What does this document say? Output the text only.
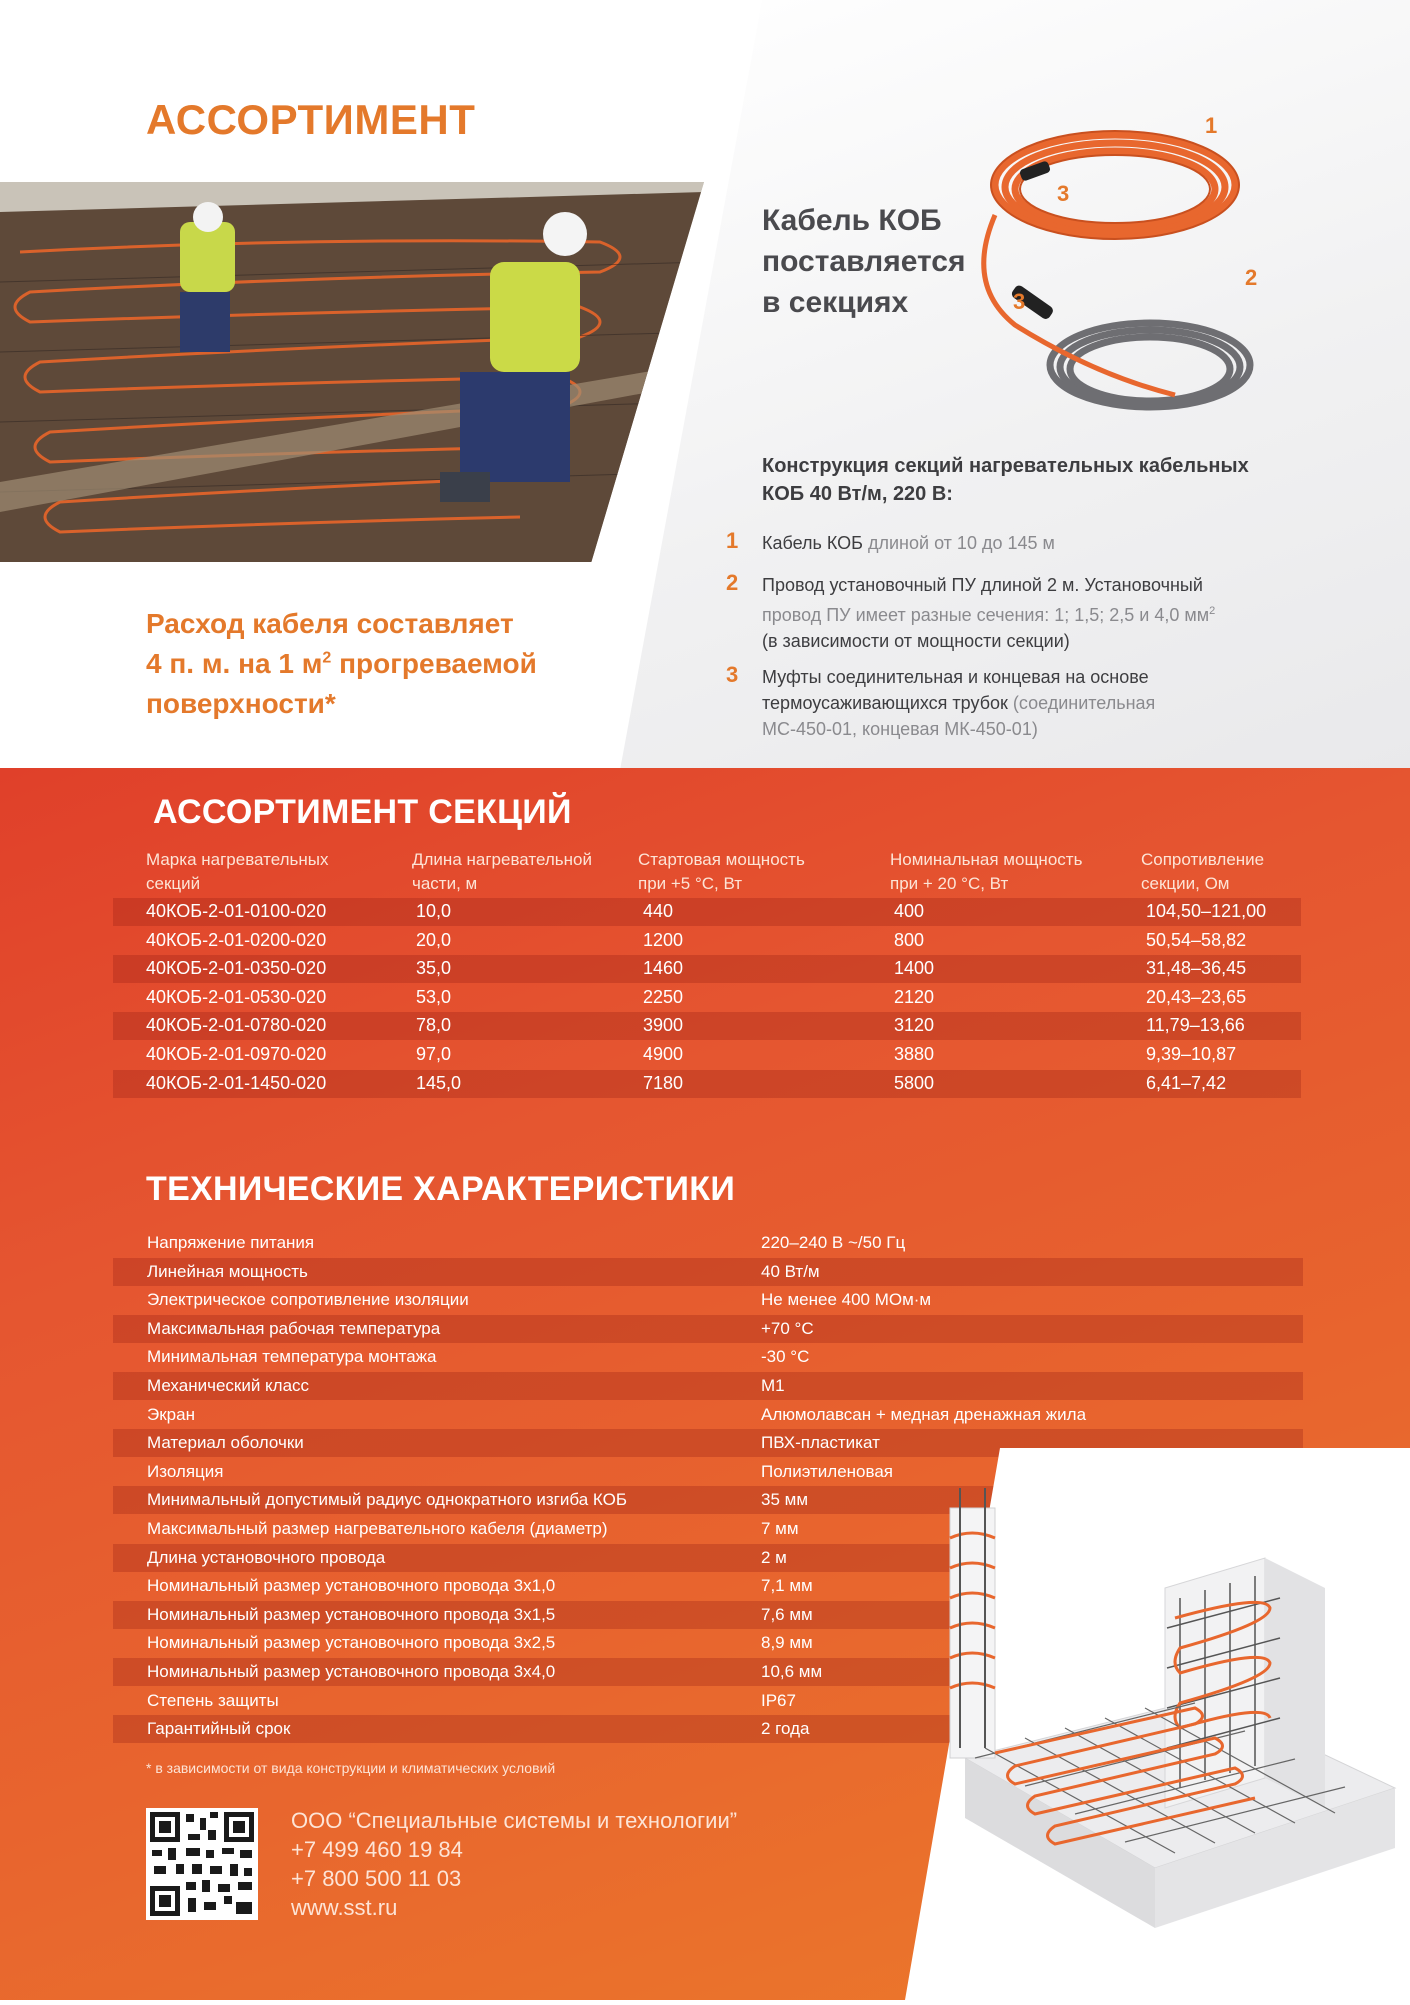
АССОРТИМЕНТ
Расход кабеля составляет
4 п. м. на 1 $м^2$ прогреваемой
поверхности*
Кабель КОБ
поставляется
в секциях
1
2
3
3
Конструкция секций нагревательных кабельных
КОБ 40 Вт/м, 220 В:
1 Кабель КОБ длиной от 10 до 145 м
2 Провод установочный ПУ длиной 2 м. Установочный
провод ПУ имеет разные сечения: 1; 1,5; 2,5 и 4,0 $мм^2$
(в зависимости от мощности секции)
3 Муфты соединительная и концевая на основе
термоусаживающихся трубок (соединительная
МС-450-01, концевая МК-450-01)
АССОРТИМЕНТ СЕКЦИЙ
Марка нагревательных
секций
Длина нагревательной
части, м
Стартовая мощность
при +5 °С, Вт
Номинальная мощность
при + 20 °С, Вт
Сопротивление
секции, Ом
40КОБ-2-01-0100-020	10,0	440	400	104,50–121,00
40КОБ-2-01-0200-020	20,0	1200	800	50,54–58,82
40КОБ-2-01-0350-020	35,0	1460	1400	31,48–36,45
40КОБ-2-01-0530-020	53,0	2250	2120	20,43–23,65
40КОБ-2-01-0780-020	78,0	3900	3120	11,79–13,66
40КОБ-2-01-0970-020	97,0	4900	3880	9,39–10,87
40КОБ-2-01-1450-020	145,0	7180	5800	6,41–7,42
ТЕХНИЧЕСКИЕ ХАРАКТЕРИСТИКИ
Напряжение питания	220–240 В ~/50 Гц
Линейная мощность	40 Вт/м
Электрическое сопротивление изоляции	Не менее 400 МОм·м
Максимальная рабочая температура	+70 °С
Минимальная температура монтажа	-30 °С
Механический класс	М1
Экран	Алюмолавсан + медная дренажная жила
Материал оболочки	ПВХ-пластикат
Изоляция	Полиэтиленовая
Минимальный допустимый радиус однократного изгиба КОБ	35 мм
Максимальный размер нагревательного кабеля (диаметр)	7 мм
Длина установочного провода	2 м
Номинальный размер установочного провода 3х1,0	7,1 мм
Номинальный размер установочного провода 3х1,5	7,6 мм
Номинальный размер установочного провода 3х2,5	8,9 мм
Номинальный размер установочного провода 3х4,0	10,6 мм
Степень защиты	IP67
Гарантийный срок	2 года
* в зависимости от вида конструкции и климатических условий
ООО “Специальные системы и технологии”
+7 499 460 19 84
+7 800 500 11 03
www.sst.ru
